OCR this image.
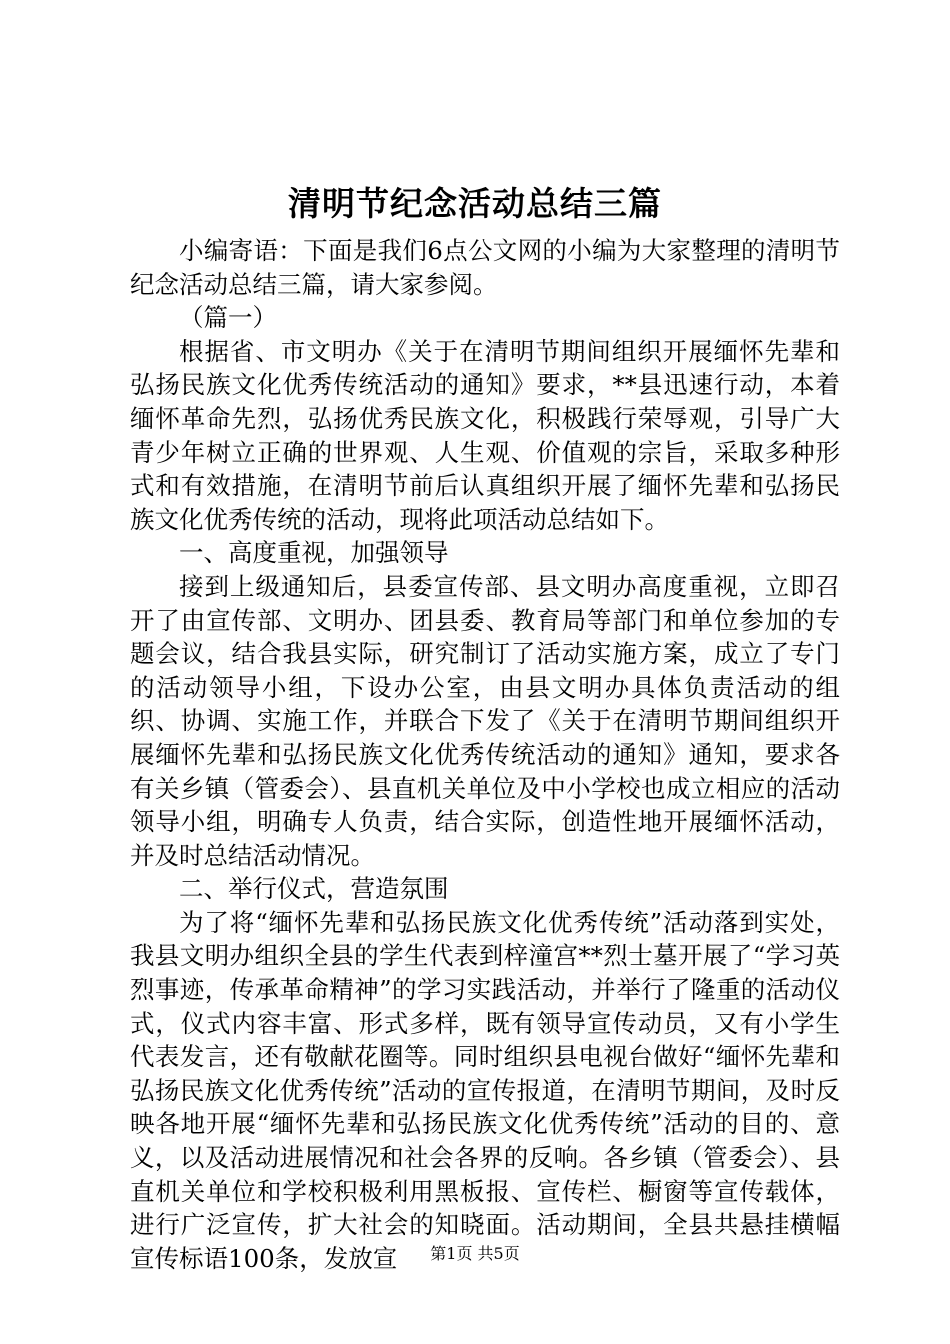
清明节纪念活动总结三篇

小编寄语：下面是我们6点公文网的小编为大家整理的清明节纪念活动总结三篇，请大家参阅。

（篇一）

根据省、市文明办《关于在清明节期间组织开展缅怀先辈和弘扬民族文化优秀传统活动的通知》要求，**县迅速行动，本着缅怀革命先烈，弘扬优秀民族文化，积极践行荣辱观，引导广大青少年树立正确的世界观、人生观、价值观的宗旨，采取多种形式和有效措施，在清明节前后认真组织开展了缅怀先辈和弘扬民族文化优秀传统的活动，现将此项活动总结如下。

一、高度重视，加强领导

接到上级通知后，县委宣传部、县文明办高度重视，立即召开了由宣传部、文明办、团县委、教育局等部门和单位参加的专题会议，结合我县实际，研究制订了活动实施方案，成立了专门的活动领导小组，下设办公室，由县文明办具体负责活动的组织、协调、实施工作，并联合下发了《关于在清明节期间组织开展缅怀先辈和弘扬民族文化优秀传统活动的通知》通知，要求各有关乡镇（管委会）、县直机关单位及中小学校也成立相应的活动领导小组，明确专人负责，结合实际，创造性地开展缅怀活动，并及时总结活动情况。

二、举行仪式，营造氛围

为了将“缅怀先辈和弘扬民族文化优秀传统”活动落到实处，我县文明办组织全县的学生代表到梓潼宫**烈士墓开展了“学习英烈事迹，传承革命精神”的学习实践活动，并举行了隆重的活动仪式，仪式内容丰富、形式多样，既有领导宣传动员，又有小学生代表发言，还有敬献花圈等。同时组织县电视台做好“缅怀先辈和弘扬民族文化优秀传统”活动的宣传报道，在清明节期间，及时反映各地开展“缅怀先辈和弘扬民族文化优秀传统”活动的目的、意义，以及活动进展情况和社会各界的反响。各乡镇（管委会）、县直机关单位和学校积极利用黑板报、宣传栏、橱窗等宣传载体，进行广泛宣传，扩大社会的知晓面。活动期间，全县共悬挂横幅宣传标语100条，发放宣	第1页 共5页
